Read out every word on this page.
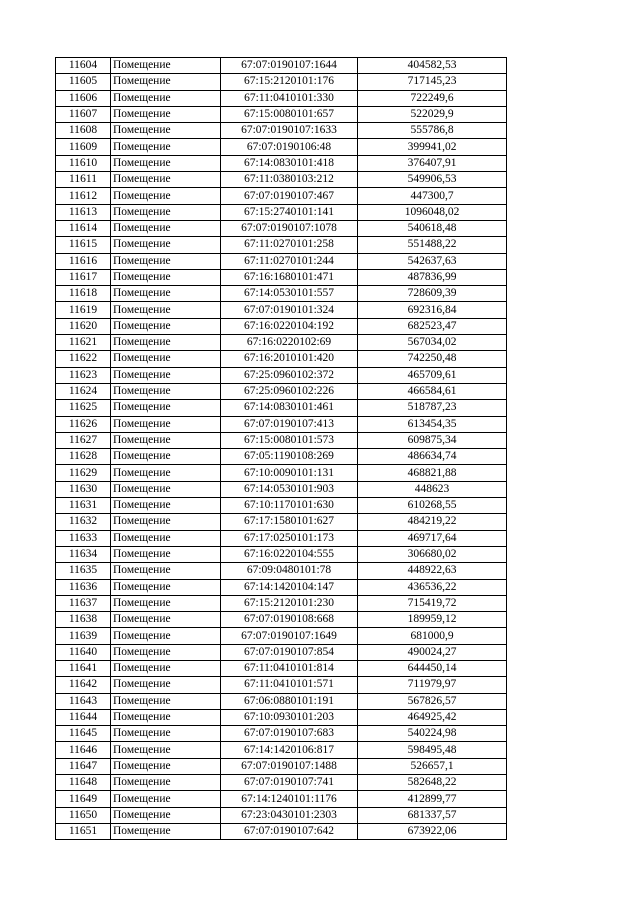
11604	Помещение	67:07:0190107:1644	404582,53
11605	Помещение	67:15:2120101:176	717145,23
11606	Помещение	67:11:0410101:330	722249,6
11607	Помещение	67:15:0080101:657	522029,9
11608	Помещение	67:07:0190107:1633	555786,8
11609	Помещение	67:07:0190106:48	399941,02
11610	Помещение	67:14:0830101:418	376407,91
11611	Помещение	67:11:0380103:212	549906,53
11612	Помещение	67:07:0190107:467	447300,7
11613	Помещение	67:15:2740101:141	1096048,02
11614	Помещение	67:07:0190107:1078	540618,48
11615	Помещение	67:11:0270101:258	551488,22
11616	Помещение	67:11:0270101:244	542637,63
11617	Помещение	67:16:1680101:471	487836,99
11618	Помещение	67:14:0530101:557	728609,39
11619	Помещение	67:07:0190101:324	692316,84
11620	Помещение	67:16:0220104:192	682523,47
11621	Помещение	67:16:0220102:69	567034,02
11622	Помещение	67:16:2010101:420	742250,48
11623	Помещение	67:25:0960102:372	465709,61
11624	Помещение	67:25:0960102:226	466584,61
11625	Помещение	67:14:0830101:461	518787,23
11626	Помещение	67:07:0190107:413	613454,35
11627	Помещение	67:15:0080101:573	609875,34
11628	Помещение	67:05:1190108:269	486634,74
11629	Помещение	67:10:0090101:131	468821,88
11630	Помещение	67:14:0530101:903	448623
11631	Помещение	67:10:1170101:630	610268,55
11632	Помещение	67:17:1580101:627	484219,22
11633	Помещение	67:17:0250101:173	469717,64
11634	Помещение	67:16:0220104:555	306680,02
11635	Помещение	67:09:0480101:78	448922,63
11636	Помещение	67:14:1420104:147	436536,22
11637	Помещение	67:15:2120101:230	715419,72
11638	Помещение	67:07:0190108:668	189959,12
11639	Помещение	67:07:0190107:1649	681000,9
11640	Помещение	67:07:0190107:854	490024,27
11641	Помещение	67:11:0410101:814	644450,14
11642	Помещение	67:11:0410101:571	711979,97
11643	Помещение	67:06:0880101:191	567826,57
11644	Помещение	67:10:0930101:203	464925,42
11645	Помещение	67:07:0190107:683	540224,98
11646	Помещение	67:14:1420106:817	598495,48
11647	Помещение	67:07:0190107:1488	526657,1
11648	Помещение	67:07:0190107:741	582648,22
11649	Помещение	67:14:1240101:1176	412899,77
11650	Помещение	67:23:0430101:2303	681337,57
11651	Помещение	67:07:0190107:642	673922,06
